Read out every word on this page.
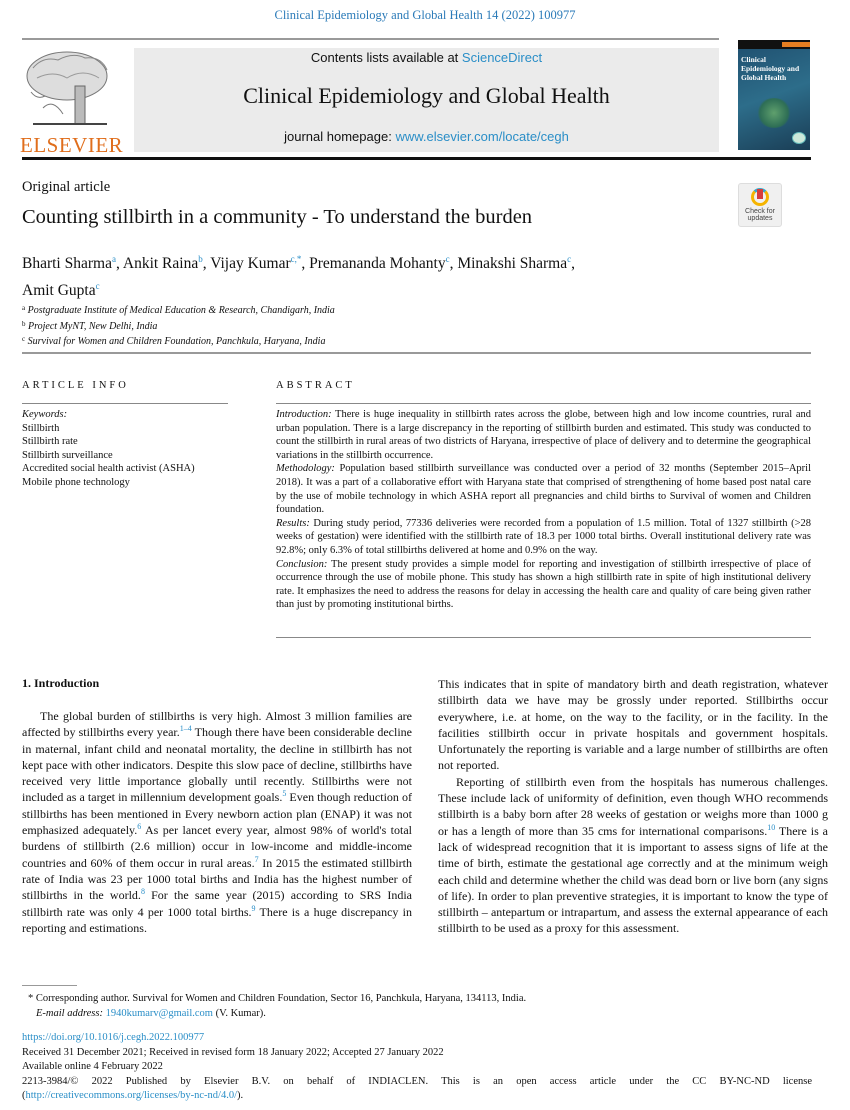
Clinical Epidemiology and Global Health 14 (2022) 100977
ELSEVIER
Contents lists available at ScienceDirect
Clinical Epidemiology and Global Health
journal homepage: www.elsevier.com/locate/cegh
Clinical Epidemiology and Global Health
Original article
Check for
updates
Counting stillbirth in a community - To understand the burden
Bharti Sharma$^a$, Ankit Raina$^b$, Vijay Kumar$^{c,*}$, Premananda Mohanty$^c$, Minakshi Sharma$^c$,
Amit Gupta$^c$
$^a$ Postgraduate Institute of Medical Education & Research, Chandigarh, India
$^b$ Project MyNT, New Delhi, India
$^c$ Survival for Women and Children Foundation, Panchkula, Haryana, India
ARTICLE INFO	ABSTRACT
Keywords:
Stillbirth
Stillbirth rate
Stillbirth surveillance
Accredited social health activist (ASHA)
Mobile phone technology
Introduction: There is huge inequality in stillbirth rates across the globe, between high and low income countries, rural and urban population. There is a large discrepancy in the reporting of stillbirth burden and estimated. This study was conducted to count the stillbirth in rural areas of two districts of Haryana, irrespective of place of delivery and to determine the geographical variations in the stillbirth occurrence.
Methodology: Population based stillbirth surveillance was conducted over a period of 32 months (September 2015–April 2018). It was a part of a collaborative effort with Haryana state that comprised of strengthening of home based post natal care by the use of mobile technology in which ASHA report all pregnancies and child births to Survival of women and Children foundation.
Results: During study period, 77336 deliveries were recorded from a population of 1.5 million. Total of 1327 stillbirth (>28 weeks of gestation) were identified with the stillbirth rate of 18.3 per 1000 total births. Overall institutional delivery rate was 92.8%; only 6.3% of total stillbirths delivered at home and 0.9% on the way.
Conclusion: The present study provides a simple model for reporting and investigation of stillbirth irrespective of place of occurrence through the use of mobile phone. This study has shown a high stillbirth rate in spite of high institutional delivery rate. It emphasizes the need to address the reasons for delay in accessing the health care and quality of care being given rather than just by promoting institutional births.
1. Introduction
The global burden of stillbirths is very high. Almost 3 million families are affected by stillbirths every year.$^{1-4}$ Though there have been considerable decline in maternal, infant child and neonatal mortality, the decline in stillbirth has not kept pace with other indicators. Despite this slow pace of decline, stillbirths have received very little importance globally until recently. Stillbirths were not included as a target in millennium development goals.$^5$ Even though reduction of stillbirths has been mentioned in Every newborn action plan (ENAP) it was not emphasized adequately.$^6$ As per lancet every year, almost 98% of world's total burdens of stillbirth (2.6 million) occur in low-income and middle-income countries and 60% of them occur in rural areas.$^7$ In 2015 the estimated stillbirth rate of India was 23 per 1000 total births and India has the highest number of stillbirths in the world.$^8$ For the same year (2015) according to SRS India stillbirth rate was only 4 per 1000 total births.$^9$ There is a huge discrepancy in reporting and estimations.
This indicates that in spite of mandatory birth and death registration, whatever stillbirth data we have may be grossly under reported. Stillbirths occur everywhere, i.e. at home, on the way to the facility, or in the facility. In the facilities stillbirth occur in private hospitals and government hospitals. Unfortunately the reporting is variable and a large number of stillbirths are often not reported.
Reporting of stillbirth even from the hospitals has numerous challenges. These include lack of uniformity of definition, even though WHO recommends stillbirth is a baby born after 28 weeks of gestation or weighs more than 1000 g or has a length of more than 35 cms for international comparisons.$^{10}$ There is a lack of widespread recognition that it is important to assess signs of life at the time of birth, estimate the gestational age correctly and at the minimum weigh each child and determine whether the child was dead born or live born (any signs of life). In order to plan preventive strategies, it is important to know the type of stillbirth – antepartum or intrapartum, and assess the external appearance of each stillbirth to be used as a proxy for this assessment.
* Corresponding author. Survival for Women and Children Foundation, Sector 16, Panchkula, Haryana, 134113, India.
E-mail address: 1940kumarv@gmail.com (V. Kumar).
https://doi.org/10.1016/j.cegh.2022.100977
Received 31 December 2021; Received in revised form 18 January 2022; Accepted 27 January 2022
Available online 4 February 2022
2213-3984/© 2022 Published by Elsevier B.V. on behalf of INDIACLEN. This is an open access article under the CC BY-NC-ND license
(http://creativecommons.org/licenses/by-nc-nd/4.0/).
